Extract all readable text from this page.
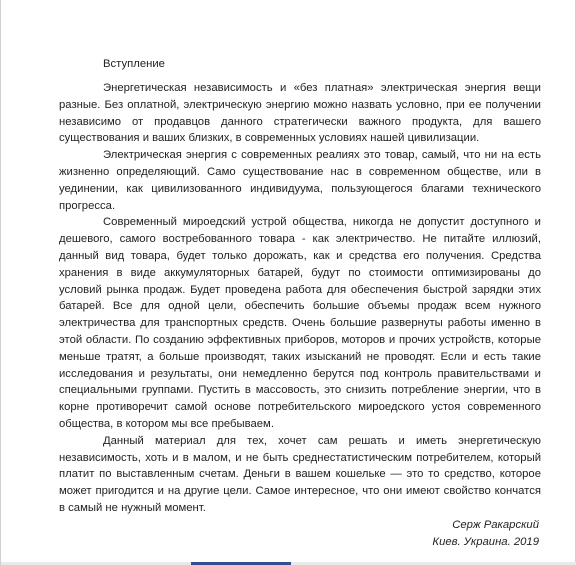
Вступление

Энергетическая независимость и «без платная» электрическая энергия вещи разные. Без оплатной, электрическую энергию можно назвать условно, при ее получении независимо от продавцов данного стратегически важного продукта, для вашего существования и ваших близких, в современных условиях нашей цивилизации.

Электрическая энергия с современных реалиях это товар, самый, что ни на есть жизненно определяющий. Само существование нас в современном обществе, или в уединении, как цивилизованного индивидуума, пользующегося благами технического прогресса.

Современный мироедский устрой общества, никогда не допустит доступного и дешевого, самого востребованного товара - как электричество. Не питайте иллюзий, данный вид товара, будет только дорожать, как и средства его получения. Средства хранения в виде аккумуляторных батарей, будут по стоимости оптимизированы до условий рынка продаж. Будет проведена работа для обеспечения быстрой зарядки этих батарей. Все для одной цели, обеспечить большие объемы продаж всем нужного электричества для транспортных средств. Очень большие развернуты работы именно в этой области. По созданию эффективных приборов, моторов и прочих устройств, которые меньше тратят, а больше производят, таких изысканий не проводят. Если и есть такие исследования и результаты, они немедленно берутся под контроль правительствами и специальными группами. Пустить в массовость, это снизить потребление энергии, что в корне противоречит самой основе потребительского мироедского устоя современного общества, в котором мы все пребываем.

Данный материал для тех, хочет сам решать и иметь энергетическую независимость, хоть и в малом, и не быть среднестатистическим потребителем, который платит по выставленным счетам. Деньги в вашем кошельке — это то средство, которое может пригодится и на другие цели. Самое интересное, что они имеют свойство кончатся в самый не нужный момент.

Серж Ракарский
Киев. Украина. 2019
